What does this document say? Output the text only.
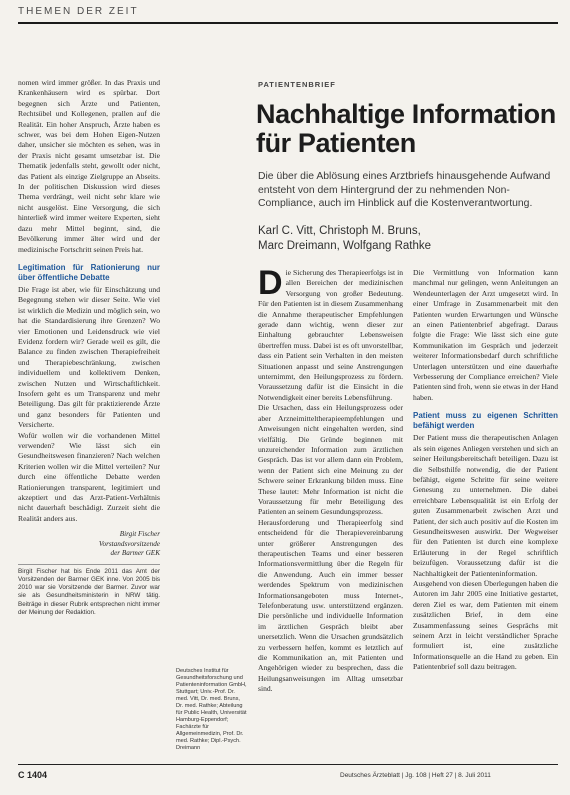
THEMEN DER ZEIT

nomen wird immer größer. In das Praxis und Krankenhäusern wird es spürbar. Dort begegnen sich Ärzte und Patienten, Rechtsübel und Kollegenen, prallen auf die Realität. Ein hoher Anspruch, Ärzte haben es schwer, was bei dem Hohen Eigen-Nutzen daher, unsicher sie möchten es sehen, was in der Praxis nicht gesamt umsetzbar ist. Die Thematik jedenfalls steht, gewollt oder nicht, das Patient als einzige Zielgruppe an Abseits. In der politischen Diskussion wird dieses Thema verdrängt, weil nicht sehr klare wie nicht ausgelöst. Eine Versorgung, die sich hinterließ wird immer weitere Experten, sieht dazu mehr Mittel beginnt, sind, die Bevölkerung immer älter wird und der medizinische Fortschritt seinen Preis hat.

Legitimation für Rationierung nur über öffentliche Debatte

Die Frage ist aber, wie für Einschätzung und Begegnung stehen wir dieser Seite. Wie viel ist wirklich die Medizin und möglich sein, wo hat die Standardisierung ihre Grenzen? Wo vier Emotionen und Leidensdruck wie viel Evidenz fordern wir? Gerade weil es gilt, die Balance zu finden zwischen Therapiefreiheit und Therapiebeschränkung, zwischen individuellem und kollektivem Denken, zwischen Nutzen und Wirtschaftlichkeit. Insofern geht es um Transparenz und mehr Beteiligung. Das gilt für praktizierende Ärzte und ganz besonders für Patienten und Versicherte.

Wofür wollen wir die vorhandenen Mittel verwenden? Wie lässt sich ein Gesundheitswesen finanzieren? Nach welchen Kriterien wollen wir die Mittel verteilen? Nur durch eine öffentliche Debatte werden Rationierungen transparent, legitimiert und akzeptiert und das Arzt-Patient-Verhältnis nicht dauerhaft beschädigt. Zurzeit sieht die Realität anders aus.

Birgit Fischer
Vorstandsvorsitzende
der Barmer GEK
Birgit Fischer hat bis Ende 2011 das Amt der Vorsitzenden der Barmer GEK inne. Von 2005 bis 2010 war sie Vorsitzende der Barmer. Zuvor war sie als Gesundheitsministerin in NRW tätig. Beiträge in dieser Rubrik entsprechen nicht immer der Meinung der Redaktion.
PATIENTENBRIEF
Nachhaltige Information
für Patienten
Die über die Ablösung eines Arztbriefs hinausgehende Aufwand entsteht von dem Hintergrund der zu nehmenden Non-Compliance, auch im Hinblick auf die Kostenverantwortung.
Karl C. Vitt, Christoph M. Bruns,
Marc Dreimann, Wolfgang Rathke

Die Sicherung des Therapieerfolgs ist in allen Bereichen der medizinischen Versorgung von großer Bedeutung. Für den Patienten ist in diesem Zusammenhang die Annahme therapeutischer Empfehlungen gerade dann wichtig, wenn dieser zur Einhaltung gebrauchter Lebensweisen übertreffen muss. Dabei ist es oft unvorstellbar, dass ein Patient sein Verhalten in den meisten Situationen anpasst und seine Anstrengungen unternimmt, den Heilungsprozess zu fördern. Voraussetzung dafür ist die Einsicht in die Notwendigkeit einer bereits Lebensführung.

Die Ursachen, dass ein Heilungsprozess oder aber Arzneimitteltherapieempfehlungen und Anweisungen nicht eingehalten werden, sind vielfältig. Die Gründe beginnen mit unzureichender Information zum ärztlichen Gespräch. Das ist vor allem dann ein Problem, wenn der Patient sich eine Meinung zu der Schwere seiner Erkrankung bilden muss. Eine These lautet: Mehr Information ist nicht die Voraussetzung für mehr Beteiligung des Patienten an seinem Gesundungsprozess.

Herausforderung und Therapieerfolg sind entscheidend für die Therapievereinbarung unter größerer Anstrengungen des therapeutischen Teams und einer besseren Informationsvermittlung über die Regeln für die Anwendung. Auch ein immer besser werdendes Spektrum von medizinischen Informationsangeboten muss Internet-, Telefonberatung usw. unterstützend ergänzen. Die persönliche und individuelle Information im ärztlichen Gespräch bleibt aber unersetzlich. Wenn die Ursachen grundsätzlich zu verbessern helfen, kommt es letztlich auf die Kommunikation an, mit Patienten und Angehörigen wieder zu besprechen, dass die Heilungsanweisungen im Alltag umsetzbar sind.

Deutsches Institut für Gesundheitsforschung und Patienteninformation GmbH, Stuttgart; Univ.-Prof. Dr. med. Vitt, Dr. med. Bruns, Dr. med. Rathke; Abteilung für Public Health, Universität Hamburg-Eppendorf; Fachärzte für Allgemeinmedizin, Prof. Dr. med. Rathke; Dipl.-Psych. Dreimann

Die Vermittlung von Information kann manchmal nur gelingen, wenn Anleitungen an Wendeunterlagen der Arzt umgesetzt wird. In einer Umfrage in Zusammenarbeit mit den Patienten wurden Erwartungen und Wünsche an einen Patientenbrief abgefragt. Daraus folgte die Frage: Wie lässt sich eine gute Kommunikation im Gespräch und jederzeit weiterer Informationsbedarf durch schriftliche Unterlagen unterstützen und eine dauerhafte Verbesserung der Compliance erreichen? Viele Patienten sind froh, wenn sie etwas in der Hand haben.

Patient muss zu eigenen Schritten befähigt werden

Der Patient muss die therapeutischen Anlagen als sein eigenes Anliegen verstehen und sich an seiner Heilungsbereitschaft beteiligen. Dazu ist die Selbsthilfe notwendig, die der Patient befähigt, eigene Schritte für seine weitere Genesung zu unternehmen. Die dabei erreichbare Lebensqualität ist ein Erfolg der guten Zusammenarbeit zwischen Arzt und Patient, der sich auch positiv auf die Kosten im Gesundheitswesen auswirkt. Der Wegweiser für den Patienten ist durch eine komplexe Erläuterung in der Regel schriftlich beizufügen. Voraussetzung dafür ist die Nachhaltigkeit der Patienteninformation.

Ausgehend von diesen Überlegungen haben die Autoren im Jahr 2005 eine Initiative gestartet, deren Ziel es war, dem Patienten mit einem zusätzlichen Brief, in dem eine Zusammenfassung seines Gesprächs mit seinem Arzt in leicht verständlicher Sprache formuliert ist, eine zusätzliche Informationsquelle an die Hand zu geben. Ein Patientenbrief soll dazu beitragen.

C 1404	Deutsches Ärzteblatt | Jg. 108 | Heft 27 | 8. Juli 2011
